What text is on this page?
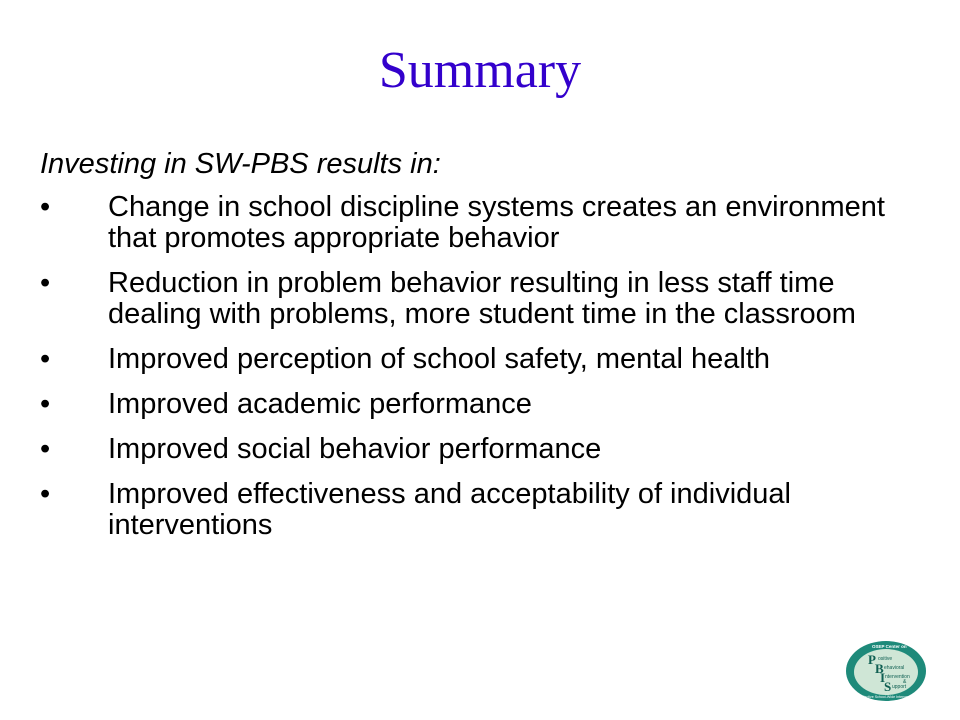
Summary
Investing in SW-PBS results in:
• Change in school discipline systems creates an environment that promotes appropriate behavior
• Reduction in problem behavior resulting in less staff time dealing with problems, more student time in the classroom
• Improved perception of school safety, mental health
• Improved academic performance
• Improved social behavior performance
• Improved effectiveness and acceptability of individual interventions
OSEP Center on
P ositive
B ehavioral
I ntervention
&
S upport
Effective School-Wide Interventions
